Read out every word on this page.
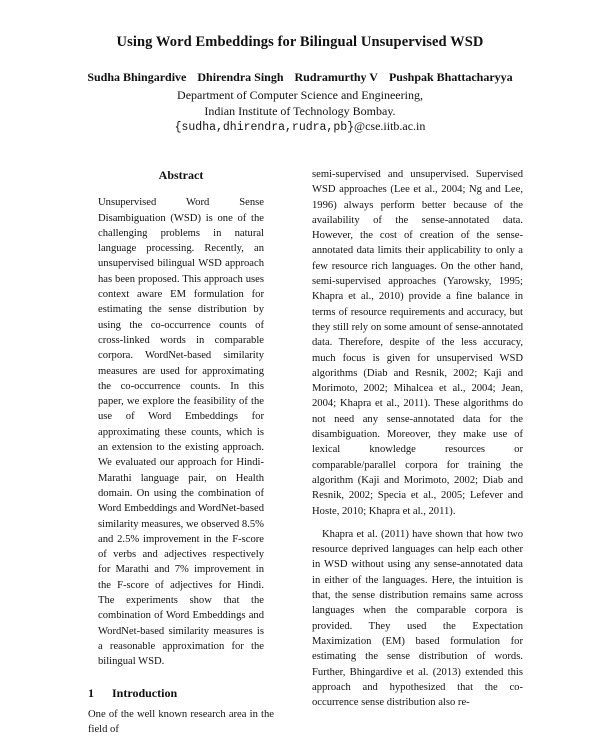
Using Word Embeddings for Bilingual Unsupervised WSD
Sudha Bhingardive Dhirendra Singh Rudramurthy V Pushpak Bhattacharyya
Department of Computer Science and Engineering,
Indian Institute of Technology Bombay.
{sudha,dhirendra,rudra,pb}@cse.iitb.ac.in
Abstract

Unsupervised Word Sense Disambiguation (WSD) is one of the challenging problems in natural language processing. Recently, an unsupervised bilingual WSD approach has been proposed. This approach uses context aware EM formulation for estimating the sense distribution by using the co-occurrence counts of cross-linked words in comparable corpora. WordNet-based similarity measures are used for approximating the co-occurrence counts. In this paper, we explore the feasibility of the use of Word Embeddings for approximating these counts, which is an extension to the existing approach. We evaluated our approach for Hindi-Marathi language pair, on Health domain. On using the combination of Word Embeddings and WordNet-based similarity measures, we observed 8.5% and 2.5% improvement in the F-score of verbs and adjectives respectively for Marathi and 7% improvement in the F-score of adjectives for Hindi. The experiments show that the combination of Word Embeddings and WordNet-based similarity measures is a reasonable approximation for the bilingual WSD.

1 Introduction

One of the well known research area in the field of

semi-supervised and unsupervised. Supervised WSD approaches (Lee et al., 2004; Ng and Lee, 1996) always perform better because of the availability of the sense-annotated data. However, the cost of creation of the sense-annotated data limits their applicability to only a few resource rich languages. On the other hand, semi-supervised approaches (Yarowsky, 1995; Khapra et al., 2010) provide a fine balance in terms of resource requirements and accuracy, but they still rely on some amount of sense-annotated data. Therefore, despite of the less accuracy, much focus is given for unsupervised WSD algorithms (Diab and Resnik, 2002; Kaji and Morimoto, 2002; Mihalcea et al., 2004; Jean, 2004; Khapra et al., 2011). These algorithms do not need any sense-annotated data for the disambiguation. Moreover, they make use of lexical knowledge resources or comparable/parallel corpora for training the algorithm (Kaji and Morimoto, 2002; Diab and Resnik, 2002; Specia et al., 2005; Lefever and Hoste, 2010; Khapra et al., 2011).

Khapra et al. (2011) have shown that how two resource deprived languages can help each other in WSD without using any sense-annotated data in either of the languages. Here, the intuition is that, the sense distribution remains same across languages when the comparable corpora is provided. They used the Expectation Maximization (EM) based formulation for estimating the sense distribution of words. Further, Bhingardive et al. (2013) extended this approach and hypothesized that the co-occurrence sense distribution also re-
